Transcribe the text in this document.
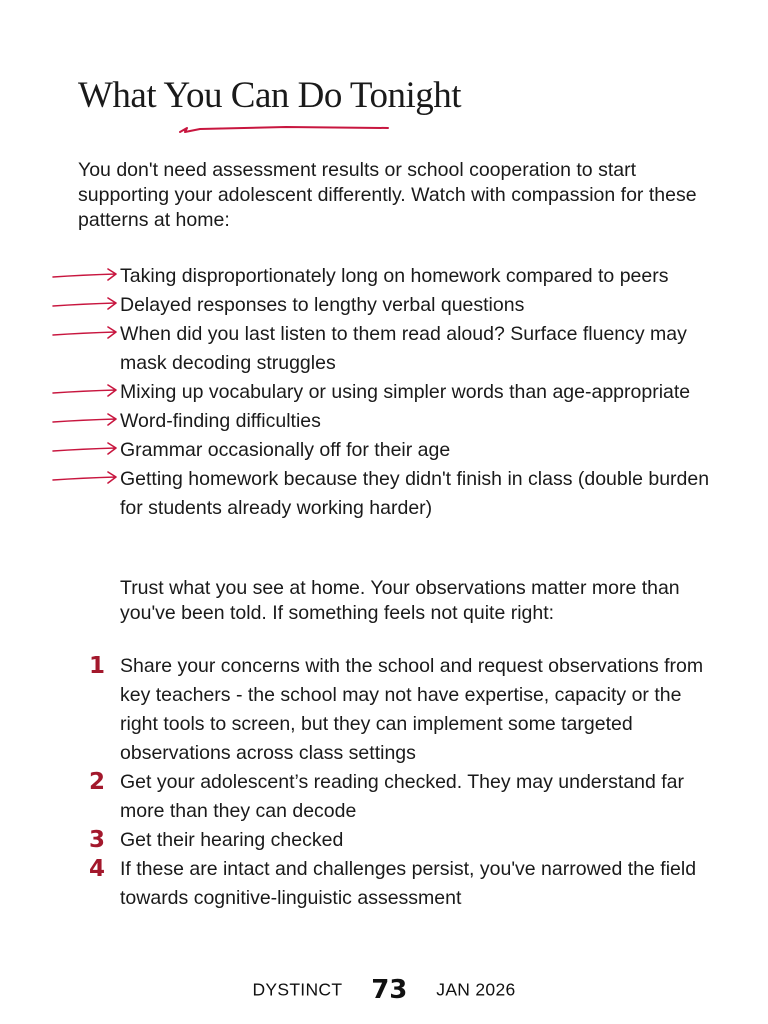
What You Can Do Tonight

You don't need assessment results or school cooperation to start supporting your adolescent differently. Watch with compassion for these patterns at home:

Taking disproportionately long on homework compared to peers
Delayed responses to lengthy verbal questions
When did you last listen to them read aloud? Surface fluency may mask decoding struggles
Mixing up vocabulary or using simpler words than age-appropriate
Word-finding difficulties
Grammar occasionally off for their age
Getting homework because they didn't finish in class (double burden for students already working harder)

Trust what you see at home. Your observations matter more than you've been told. If something feels not quite right:

1 Share your concerns with the school and request observations from key teachers - the school may not have expertise, capacity or the right tools to screen, but they can implement some targeted observations across class settings
2 Get your adolescent’s reading checked. They may understand far more than they can decode
3 Get their hearing checked
4 If these are intact and challenges persist, you've narrowed the field towards cognitive-linguistic assessment
DYSTINCT 73 JAN 2026
